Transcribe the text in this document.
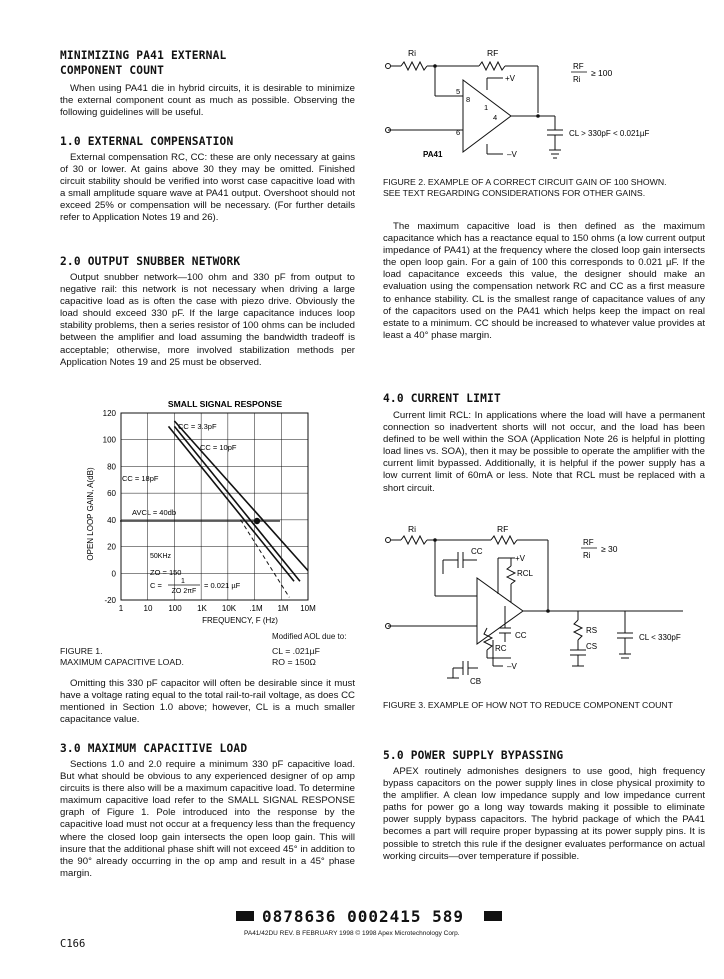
MINIMIZING PA41 EXTERNAL
COMPONENT COUNT

When using PA41 die in hybrid circuits, it is desirable to minimize the external component count as much as possible. Observing the following guidelines will be useful.

1.0 EXTERNAL COMPENSATION

External compensation RC, CC: these are only necessary at gains of 30 or lower. At gains above 30 they may be omitted. Finished circuit stability should be verified into worst case capacitive load with a small amplitude square wave at PA41 output. Overshoot should not exceed 25% or compensation will be necessary. (For further details refer to Application Notes 19 and 26).

2.0 OUTPUT SNUBBER NETWORK

Output snubber network—100 ohm and 330 pF from output to negative rail: this network is not necessary when driving a large capacitive load as is often the case with piezo drive. Obviously the load should exceed 330 pF. If the large capacitance induces loop stability problems, then a series resistor of 100 ohms can be included between the amplifier and load assuming the bandwidth tradeoff is acceptable; otherwise, more involved stabilization methods per Application Notes 19 and 25 must be observed.

SMALL SIGNAL RESPONSE
120
100
80
60
40
20
0
-20
1	10 100 1K 10K .1M 1M 10M
FREQUENCY, F (Hz)
OPEN LOOP GAIN, A(dB)
CC = 3.3pF
CC = 10pF
CC = 18pF
AVCL = 40db
50KHz
ZO = 150
C =	1
ZO 2πF
= 0.021 µF
Modified AOL due to:
FIGURE 1.
MAXIMUM CAPACITIVE LOAD.
CL = .021µF
RO = 150Ω

Omitting this 330 pF capacitor will often be desirable since it must have a voltage rating equal to the total rail-to-rail voltage, as does CC mentioned in Section 1.0 above; however, CL is a much smaller capacitance value.

3.0 MAXIMUM CAPACITIVE LOAD

Sections 1.0 and 2.0 require a minimum 330 pF capacitive load. But what should be obvious to any experienced designer of op amp circuits is there also will be a maximum capacitive load. To determine maximum capacitive load refer to the SMALL SIGNAL RESPONSE graph of Figure 1. Pole introduced into the response by the capacitive load must not occur at a frequency less than the frequency where the closed loop gain intersects the open loop gain. This will insure that the additional phase shift will not exceed 45° in addition to the 90° already occurring in the op amp and result in a 45° phase margin.

Ri	RF
+V
–V
5
6
8
1
4
PA41
RF
Ri
≥ 100
CL > 330pF < 0.021µF
FIGURE 2. EXAMPLE OF A CORRECT CIRCUIT GAIN OF 100 SHOWN. SEE TEXT REGARDING CONSIDERATIONS FOR OTHER GAINS.

The maximum capacitive load is then defined as the maximum capacitance which has a reactance equal to 150 ohms (a low current output impedance of PA41) at the frequency where the closed loop gain intersects the open loop gain. For a gain of 100 this corresponds to 0.021 µF. If the load capacitance exceeds this value, the designer should make an evaluation using the compensation network RC and CC as a first measure to enhance stability. CL is the smallest range of capacitance values of any of the capacitors used on the PA41 which helps keep the impact on real estate to a minimum. CC should be increased to whatever value provides at least a 40° phase margin.

4.0 CURRENT LIMIT

Current limit RCL: In applications where the load will have a permanent connection so inadvertent shorts will not occur, and the load has been defined to be well within the SOA (Application Note 26 is helpful in plotting load lines vs. SOA), then it may be possible to operate the amplifier with the current limit bypassed. Additionally, it is helpful if the power supply has a low current limit of 60mA or less. Note that RCL must be replaced with a short circuit.

Ri	RF
CC
+V
RCL
CC
RC
–V
CB
RS
CS
CL < 330pF
RF
Ri
≥ 30
FIGURE 3. EXAMPLE OF HOW NOT TO REDUCE COMPONENT COUNT
5.0 POWER SUPPLY BYPASSING

APEX routinely admonishes designers to use good, high frequency bypass capacitors on the power supply lines in close physical proximity to the amplifier. A clean low impedance supply and low impedance current paths for power go a long way towards making it possible to eliminate power supply bypass capacitors. The hybrid package of which the PA41 becomes a part will require proper bypassing at its power supply pins. It is possible to stretch this rule if the designer evaluates performance on actual working circuits—over temperature if possible.

0878636 0002415 589
PA41/42DU REV. B FEBRUARY 1998 © 1998 Apex Microtechnology Corp.
C166
